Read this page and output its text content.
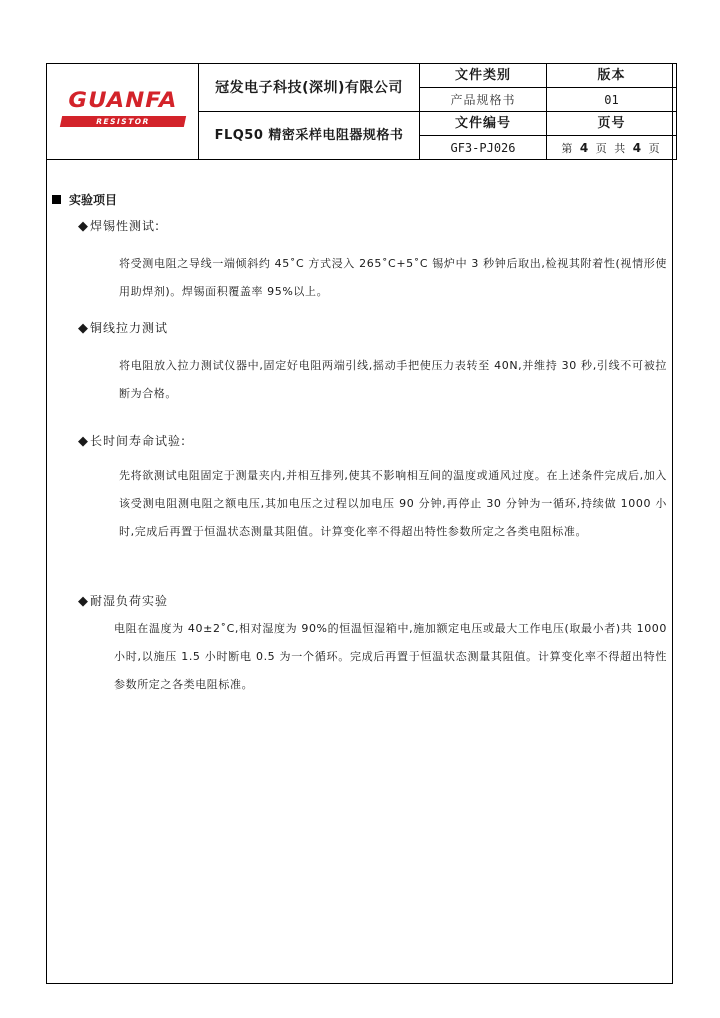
GUANFA
RESISTOR	冠发电子科技(深圳)有限公司	文件类别	版本
		产品规格书	01
	FLQ50 精密采样电阻器规格书	文件编号	页号
		GF3-PJ026	第 4 页 共 4 页
实验项目
◆焊锡性测试:
将受测电阻之导线一端倾斜约 45˚C 方式浸入 265˚C+5˚C 锡炉中 3 秒钟后取出,检视其附着性(视情形使用助焊剂)。焊锡面积覆盖率 95%以上。
◆铜线拉力测试
将电阻放入拉力测试仪器中,固定好电阻两端引线,摇动手把使压力表转至 40N,并维持 30 秒,引线不可被拉断为合格。
◆长时间寿命试验:
先将欲测试电阻固定于测量夹内,并相互排列,使其不影响相互间的温度或通风过度。在上述条件完成后,加入该受测电阻测电阻之额电压,其加电压之过程以加电压 90 分钟,再停止 30 分钟为一循环,持续做 1000 小时,完成后再置于恒温状态测量其阻值。计算变化率不得超出特性参数所定之各类电阻标准。
◆耐湿负荷实验
电阻在温度为 40±2˚C,相对湿度为 90%的恒温恒湿箱中,施加额定电压或最大工作电压(取最小者)共 1000 小时,以施压 1.5 小时断电 0.5 为一个循环。完成后再置于恒温状态测量其阻值。计算变化率不得超出特性参数所定之各类电阻标准。
